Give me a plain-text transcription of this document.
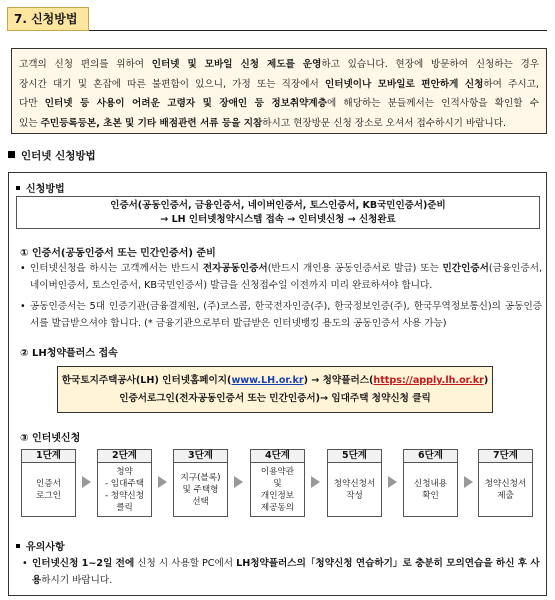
7. 신청방법
고객의 신청 편의를 위하여 인터넷 및 모바일 신청 제도를 운영하고 있습니다. 현장에 방문하여 신청하는 경우
장시간 대기 및 혼잡에 따른 불편함이 있으니, 가정 또는 직장에서 인터넷이나 모바일로 편안하게 신청하여 주시고,
다만 인터넷 등 사용이 어려운 고령자 및 장애인 등 정보취약계층에 해당하는 분들께서는 인적사항을 확인할 수
있는 주민등록등본, 초본 및 기타 배점관련 서류 등을 지참하시고 현장방문 신청 장소로 오셔서 접수하시기 바랍니다.
인터넷 신청방법
신청방법
인증서(공동인증서, 금융인증서, 네이버인증서, 토스인증서, KB국민인증서)준비
→ LH 인터넷청약시스템 접속 → 인터넷신청 → 신청완료
① 인증서(공동인증서 또는 민간인증서) 준비
• 인터넷신청을 하시는 고객께서는 반드시 전자공동인증서(반드시 개인용 공동인증서로 발급) 또는 민간인증서(금융인증서, 네이버인증서, 토스인증서, KB국민인증서) 발급을 신청접수일 이전까지 미리 완료하셔야 합니다.
• 공동인증서는 5대 인증기관(금융결제원, (주)코스콤, 한국전자인증(주), 한국정보인증(주), 한국무역정보통신)의 공동인증서를 발급받으셔야 합니다. (* 금융기관으로부터 발급받은 인터넷뱅킹 용도의 공동인증서 사용 가능)
② LH청약플러스 접속
한국토지주택공사(LH) 인터넷홈페이지(www.LH.or.kr) → 청약플러스(https://apply.lh.or.kr)
인증서로그인(전자공동인증서 또는 민간인증서)→ 임대주택 청약신청 클릭
③ 인터넷신청
1단계
인증서
로그인
2단계
청약
- 임대주택
- 청약신청
클릭
3단계
지구(블록)
및 주택형
선택
4단계
이용약관
및
개인정보
제공동의
5단계
청약신청서
작성
6단계
신청내용
확인
7단계
청약신청서
제출
유의사항
• 인터넷신청 1~2일 전에 신청 시 사용할 PC에서 LH청약플러스의「청약신청 연습하기」로 충분히 모의연습을 하신 후 사용하시기 바랍니다.
